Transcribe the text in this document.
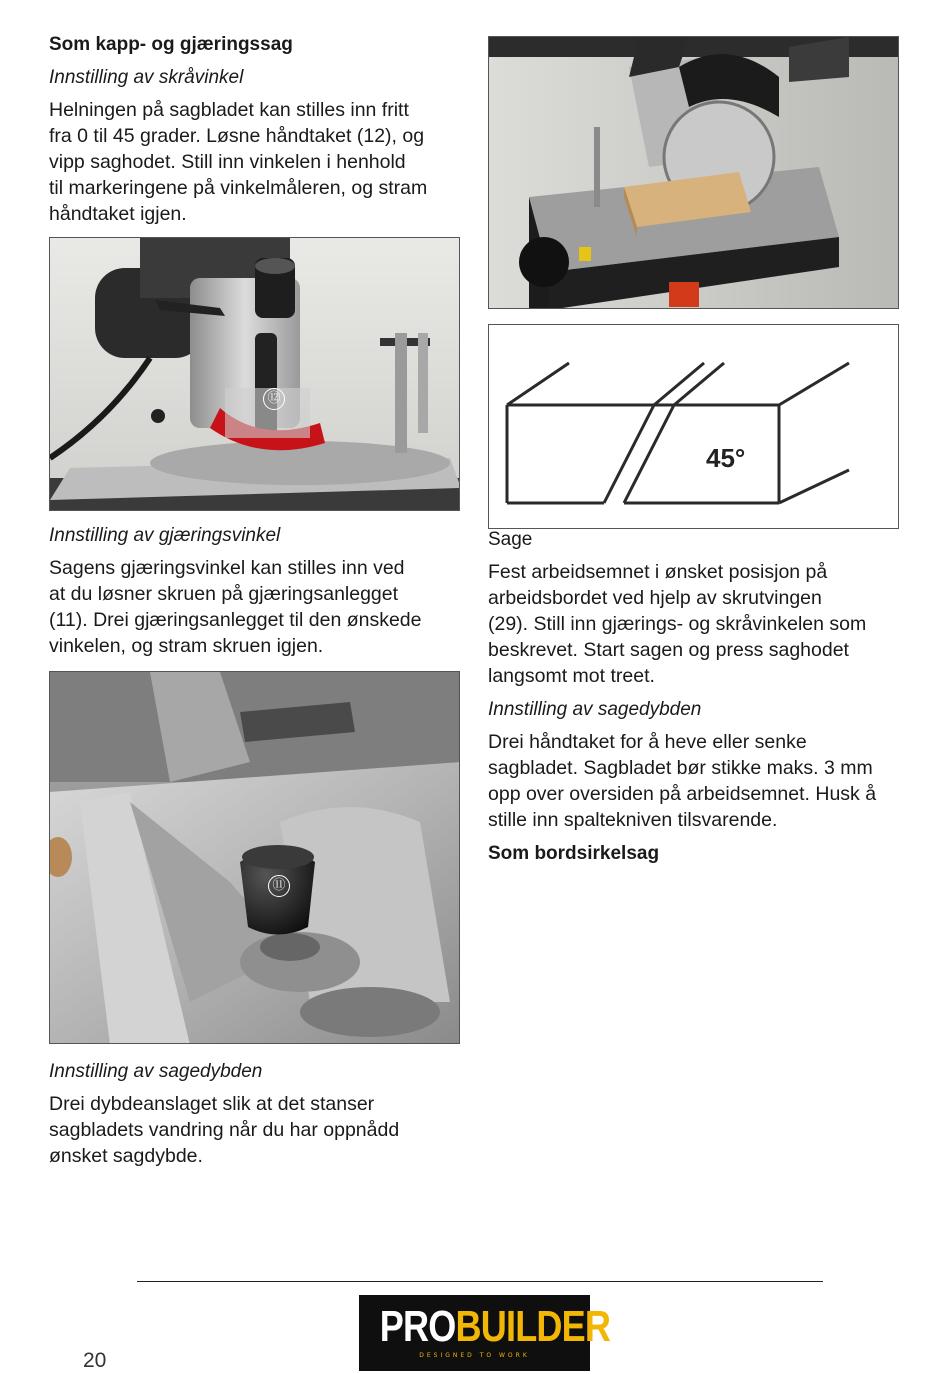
Som kapp- og gjæringssag
Innstilling av skråvinkel
Helningen på sagbladet kan stilles inn fritt
fra 0 til 45 grader. Løsne håndtaket (12), og
vipp saghodet. Still inn vinkelen i henhold
til markeringene på vinkelmåleren, og stram
håndtaket igjen.
⑫
Innstilling av gjæringsvinkel
Sagens gjæringsvinkel kan stilles inn ved
at du løsner skruen på gjæringsanlegget
(11). Drei gjæringsanlegget til den ønskede
vinkelen, og stram skruen igjen.
⑪
Innstilling av sagedybden
Drei dybdeanslaget slik at det stanser
sagbladets vandring når du har oppnådd
ønsket sagdybde.
45°
Sage
Fest arbeidsemnet i ønsket posisjon på
arbeidsbordet ved hjelp av skrutvingen
(29). Still inn gjærings- og skråvinkelen som
beskrevet. Start sagen og press saghodet
langsomt mot treet.
Innstilling av sagedybden
Drei håndtaket for å heve eller senke
sagbladet. Sagbladet bør stikke maks. 3 mm
opp over oversiden på arbeidsemnet. Husk å
stille inn spaltekniven tilsvarende.
Som bordsirkelsag
20
PROBUILDER
DESIGNED TO WORK
